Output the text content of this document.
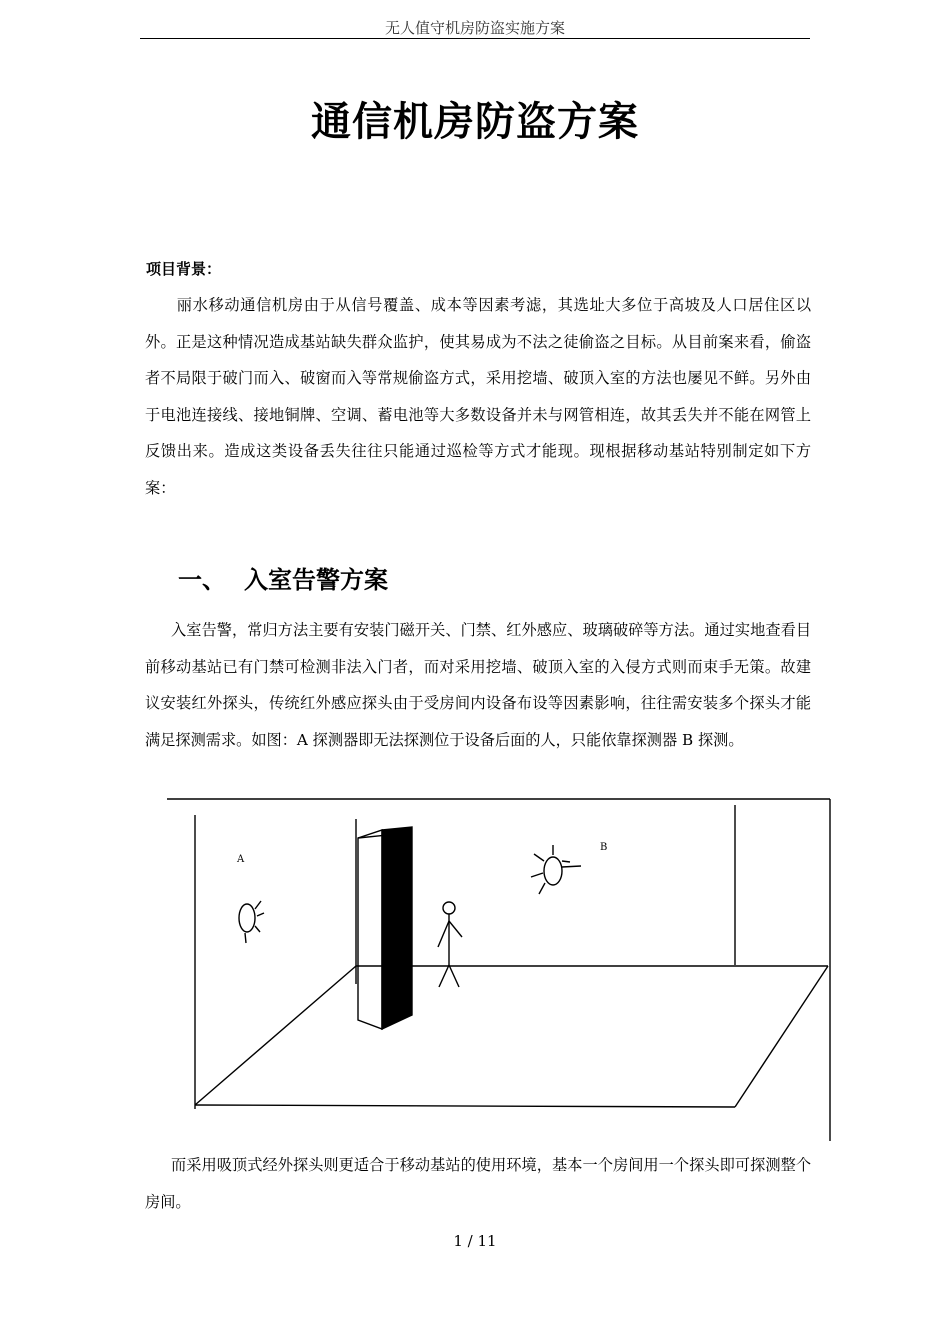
无人值守机房防盗实施方案
通信机房防盗方案
项目背景：
丽水移动通信机房由于从信号覆盖、成本等因素考滤，其选址大多位于高坡及人口居住区以外。正是这种情况造成基站缺失群众监护，使其易成为不法之徒偷盗之目标。从目前案来看，偷盗者不局限于破门而入、破窗而入等常规偷盗方式，采用挖墙、破顶入室的方法也屡见不鲜。另外由于电池连接线、接地铜牌、空调、蓄电池等大多数设备并未与网管相连，故其丢失并不能在网管上反馈出来。造成这类设备丢失往往只能通过巡检等方式才能现。现根据移动基站特别制定如下方案：
一、 入室告警方案
入室告警，常归方法主要有安装门磁开关、门禁、红外感应、玻璃破碎等方法。通过实地查看目前移动基站已有门禁可检测非法入门者，而对采用挖墙、破顶入室的入侵方式则而束手无策。故建议安装红外探头，传统红外感应探头由于受房间内设备布设等因素影响，往往需安装多个探头才能满足探测需求。如图：A 探测器即无法探测位于设备后面的人，只能依靠探测器 B 探测。
A
B
而采用吸顶式经外探头则更适合于移动基站的使用环境，基本一个房间用一个探头即可探测整个房间。
1 / 11
